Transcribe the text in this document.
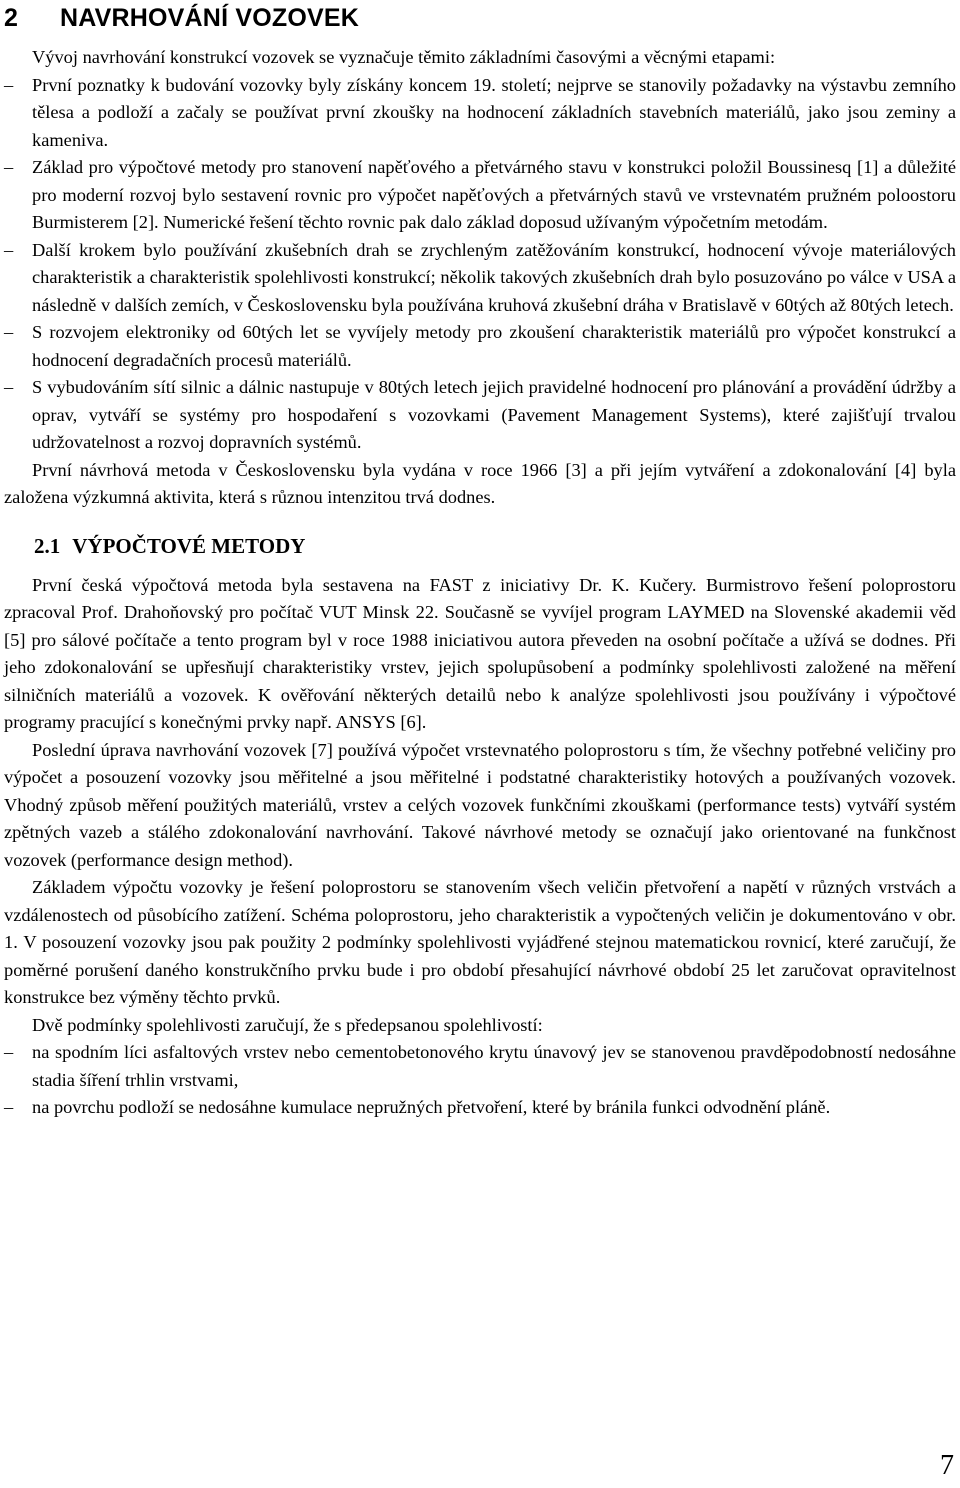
2 NAVRHOVÁNÍ VOZOVEK

Vývoj navrhování konstrukcí vozovek se vyznačuje těmito základními časovými a věcnými etapami:

–	První poznatky k budování vozovky byly získány koncem 19. století; nejprve se stanovily požadavky na výstavbu zemního tělesa a podloží a začaly se používat první zkoušky na hodnocení základních stavebních materiálů, jako jsou zeminy a kameniva.
–	Základ pro výpočtové metody pro stanovení napěťového a přetvárného stavu v konstrukci položil Boussinesq [1] a důležité pro moderní rozvoj bylo sestavení rovnic pro výpočet napěťových a přetvárných stavů ve vrstevnatém pružném poloostoru Burmisterem [2]. Numerické řešení těchto rovnic pak dalo základ doposud užívaným výpočetním metodám.
–	Další krokem bylo používání zkušebních drah se zrychleným zatěžováním konstrukcí, hodnocení vývoje materiálových charakteristik a charakteristik spolehlivosti konstrukcí; několik takových zkušebních drah bylo posuzováno po válce v USA a následně v dalších zemích, v Československu byla používána kruhová zkušební dráha v Bratislavě v 60tých až 80tých letech.
–	S rozvojem elektroniky od 60tých let se vyvíjely metody pro zkoušení charakteristik materiálů pro výpočet konstrukcí a hodnocení degradačních procesů materiálů.
–	S vybudováním sítí silnic a dálnic nastupuje v 80tých letech jejich pravidelné hodnocení pro plánování a provádění údržby a oprav, vytváří se systémy pro hospodaření s vozovkami (Pavement Management Systems), které zajišťují trvalou udržovatelnost a rozvoj dopravních systémů.

První návrhová metoda v Československu byla vydána v roce 1966 [3] a při jejím vytváření a zdokonalování [4] byla založena výzkumná aktivita, která s různou intenzitou trvá dodnes.

2.1 VÝPOČTOVÉ METODY

První česká výpočtová metoda byla sestavena na FAST z iniciativy Dr. K. Kučery. Burmistrovo řešení poloprostoru zpracoval Prof. Drahoňovský pro počítač VUT Minsk 22. Současně se vyvíjel program LAYMED na Slovenské akademii věd [5] pro sálové počítače a tento program byl v roce 1988 iniciativou autora převeden na osobní počítače a užívá se dodnes. Při jeho zdokonalování se upřesňují charakteristiky vrstev, jejich spolupůsobení a podmínky spolehlivosti založené na měření silničních materiálů a vozovek. K ověřování některých detailů nebo k analýze spolehlivosti jsou používány i výpočtové programy pracující s konečnými prvky např. ANSYS [6].

Poslední úprava navrhování vozovek [7] používá výpočet vrstevnatého poloprostoru s tím, že všechny potřebné veličiny pro výpočet a posouzení vozovky jsou měřitelné a jsou měřitelné i podstatné charakteristiky hotových a používaných vozovek. Vhodný způsob měření použitých materiálů, vrstev a celých vozovek funkčními zkouškami (performance tests) vytváří systém zpětných vazeb a stálého zdokonalování navrhování. Takové návrhové metody se označují jako orientované na funkčnost vozovek (performance design method).

Základem výpočtu vozovky je řešení poloprostoru se stanovením všech veličin přetvoření a napětí v různých vrstvách a vzdálenostech od působícího zatížení. Schéma poloprostoru, jeho charakteristik a vypočtených veličin je dokumentováno v obr. 1. V posouzení vozovky jsou pak použity 2 podmínky spolehlivosti vyjádřené stejnou matematickou rovnicí, které zaručují, že poměrné porušení daného konstrukčního prvku bude i pro období přesahující návrhové období 25 let zaručovat opravitelnost konstrukce bez výměny těchto prvků.

Dvě podmínky spolehlivosti zaručují, že s předepsanou spolehlivostí:

–	na spodním líci asfaltových vrstev nebo cementobetonového krytu únavový jev se stanovenou pravděpodobností nedosáhne stadia šíření trhlin vrstvami,
–	na povrchu podloží se nedosáhne kumulace nepružných přetvoření, které by bránila funkci odvodnění pláně.
7
